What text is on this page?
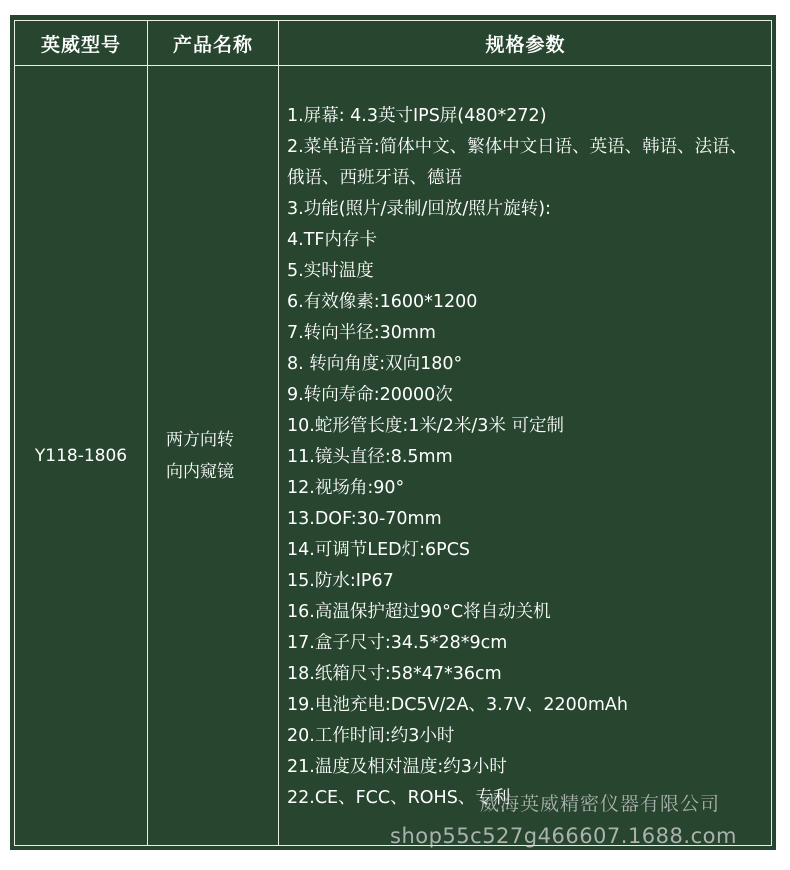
英威型号	产品名称	规格参数
Y118-1806
两方向转
向内窥镜
1.屏幕: 4.3英寸IPS屏(480*272)
2.菜单语音:简体中文、繁体中文日语、英语、韩语、法语、俄语、西班牙语、德语
3.功能(照片/录制/回放/照片旋转):
4.TF内存卡
5.实时温度
6.有效像素:1600*1200
7.转向半径:30mm
8. 转向角度:双向180°
9.转向寿命:20000次
10.蛇形管长度:1米/2米/3米 可定制
11.镜头直径:8.5mm
12.视场角:90°
13.DOF:30-70mm
14.可调节LED灯:6PCS
15.防水:IP67
16.高温保护超过90°C将自动关机
17.盒子尺寸:34.5*28*9cm
18.纸箱尺寸:58*47*36cm
19.电池充电:DC5V/2A、3.7V、2200mAh
20.工作时间:约3小时
21.温度及相对温度:约3小时
22.CE、FCC、ROHS、专利
威海英威精密仪器有限公司
shop55c527g466607.1688.com
